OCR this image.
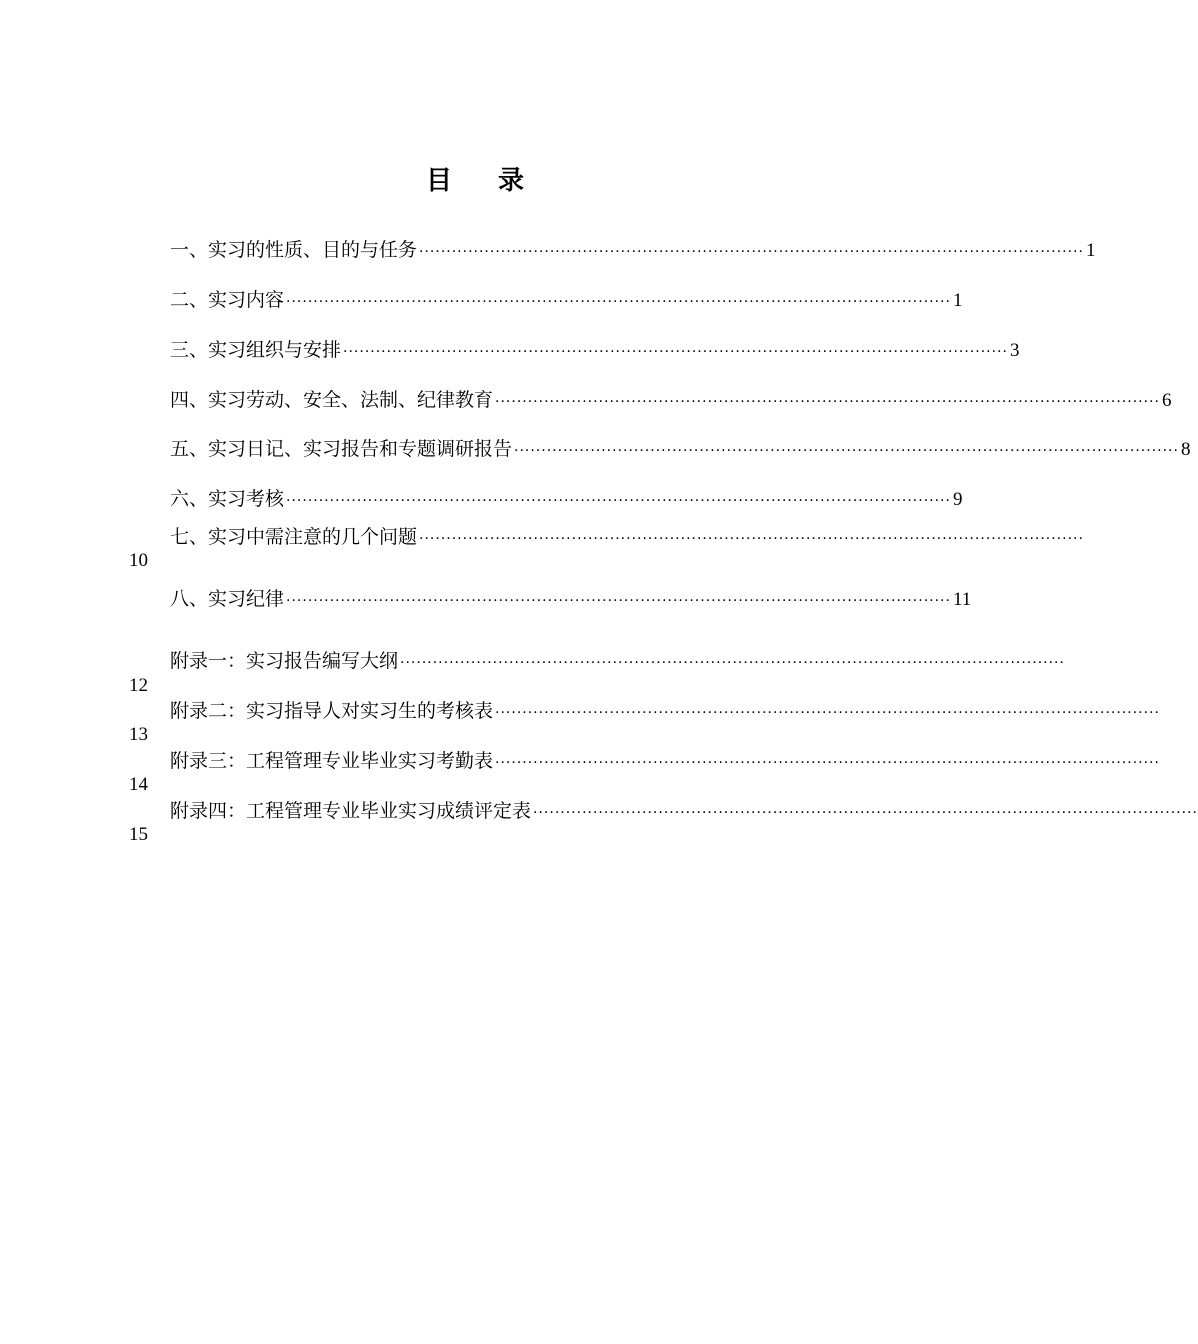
目 录
一、实习的性质、目的与任务 ·························································································································· 1
二、实习内容 ·························································································································· 1
三、实习组织与安排 ·························································································································· 3
四、实习劳动、安全、法制、纪律教育 ·························································································································· 6
五、实习日记、实习报告和专题调研报告 ·························································································································· 8
六、实习考核 ·························································································································· 9
七、实习中需注意的几个问题 ··························································································································
10
八、实习纪律 ·························································································································· 11
附录一：实习报告编写大纲 ··························································································································
12
附录二：实习指导人对实习生的考核表 ··························································································································
13
附录三：工程管理专业毕业实习考勤表 ··························································································································
14
附录四：工程管理专业毕业实习成绩评定表 ··························································································································
15
